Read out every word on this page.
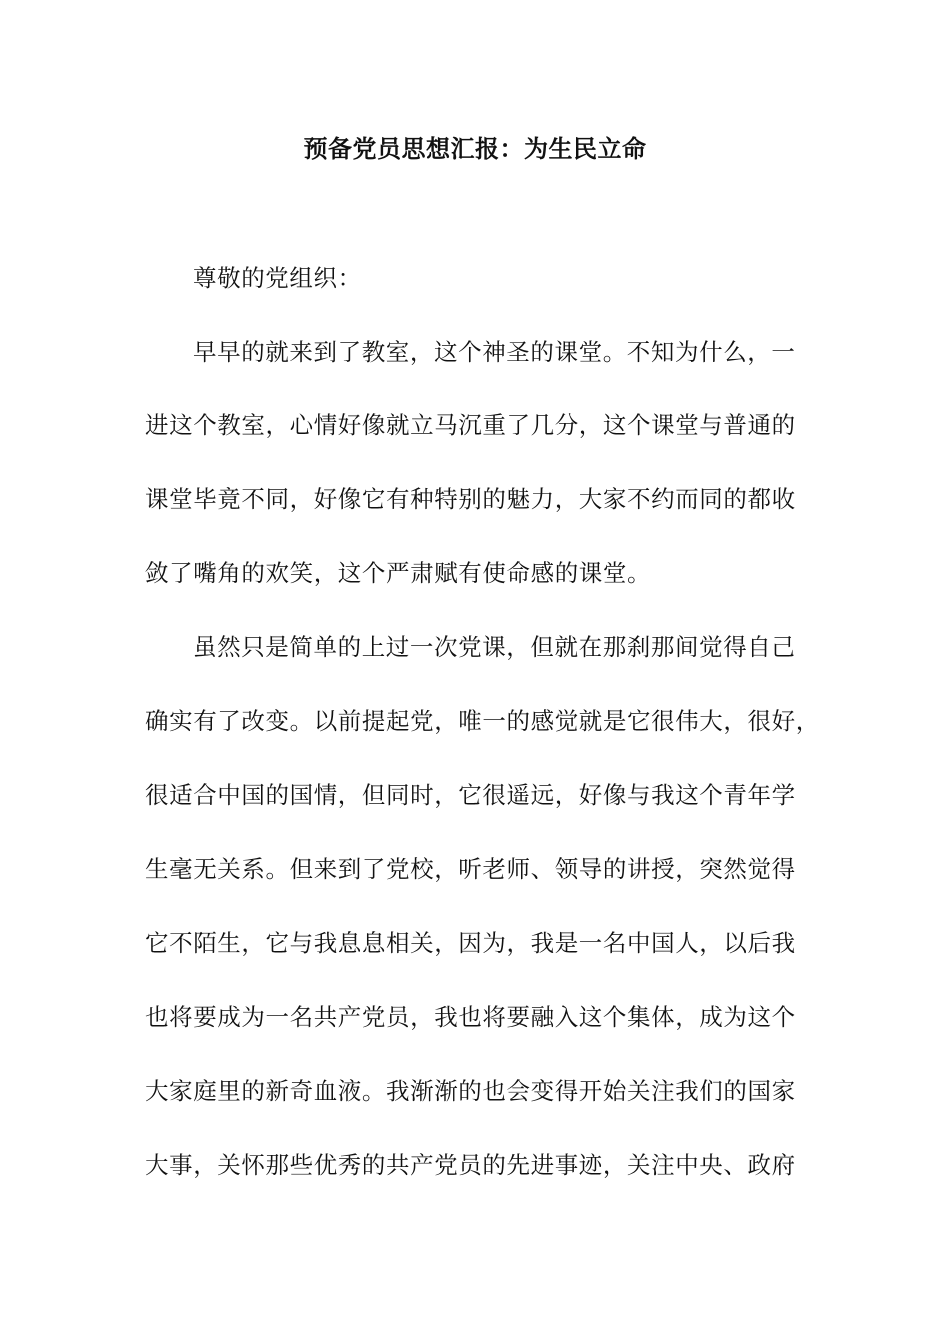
预备党员思想汇报：为生民立命
尊敬的党组织：
早早的就来到了教室，这个神圣的课堂。不知为什么，一
进这个教室，心情好像就立马沉重了几分，这个课堂与普通的
课堂毕竟不同，好像它有种特别的魅力，大家不约而同的都收
敛了嘴角的欢笑，这个严肃赋有使命感的课堂。
虽然只是简单的上过一次党课，但就在那刹那间觉得自己
确实有了改变。以前提起党，唯一的感觉就是它很伟大，很好，
很适合中国的国情，但同时，它很遥远，好像与我这个青年学
生毫无关系。但来到了党校，听老师、领导的讲授，突然觉得
它不陌生，它与我息息相关，因为，我是一名中国人，以后我
也将要成为一名共产党员，我也将要融入这个集体，成为这个
大家庭里的新奇血液。我渐渐的也会变得开始关注我们的国家
大事，关怀那些优秀的共产党员的先进事迹，关注中央、政府
